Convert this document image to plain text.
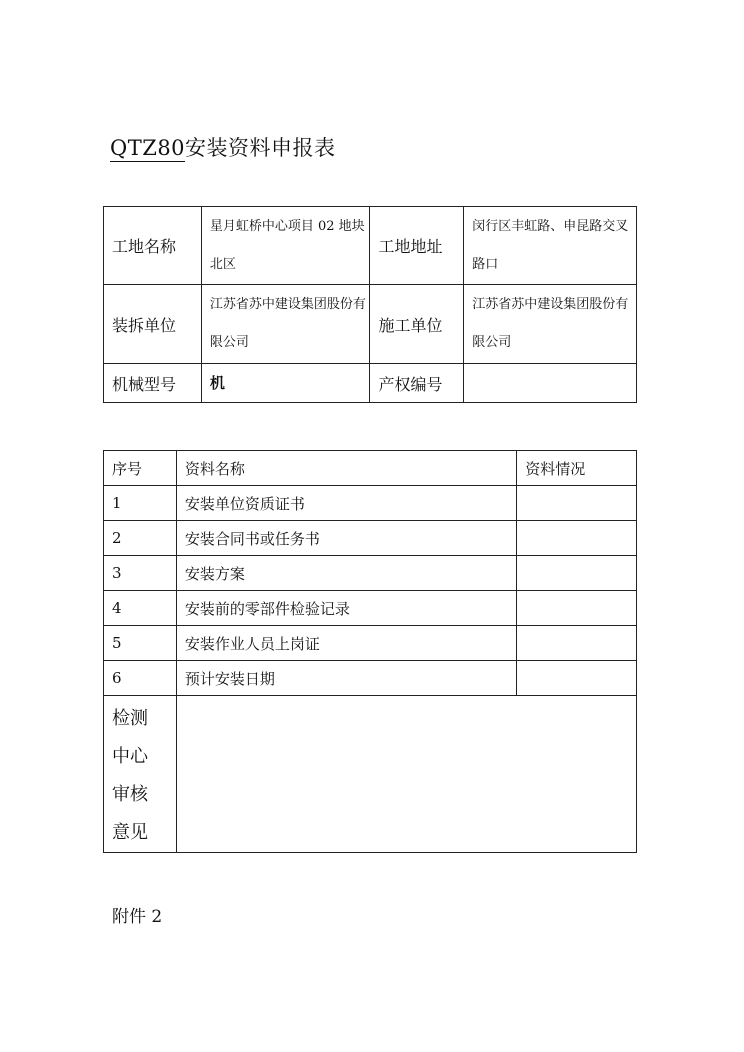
QTZ80安装资料申报表
工地名称	星月虹桥中心项目 02 地块北区	工地地址	闵行区丰虹路、申昆路交叉路口
装拆单位	江苏省苏中建设集团股份有限公司	施工单位	江苏省苏中建设集团股份有限公司
机械型号	机	产权编号	
序号	资料名称	资料情况
1	安装单位资质证书	
2	安装合同书或任务书	
3	安装方案	
4	安装前的零部件检验记录	
5	安装作业人员上岗证	
6	预计安装日期	

检测
中心
审核
意见		

附件 2
